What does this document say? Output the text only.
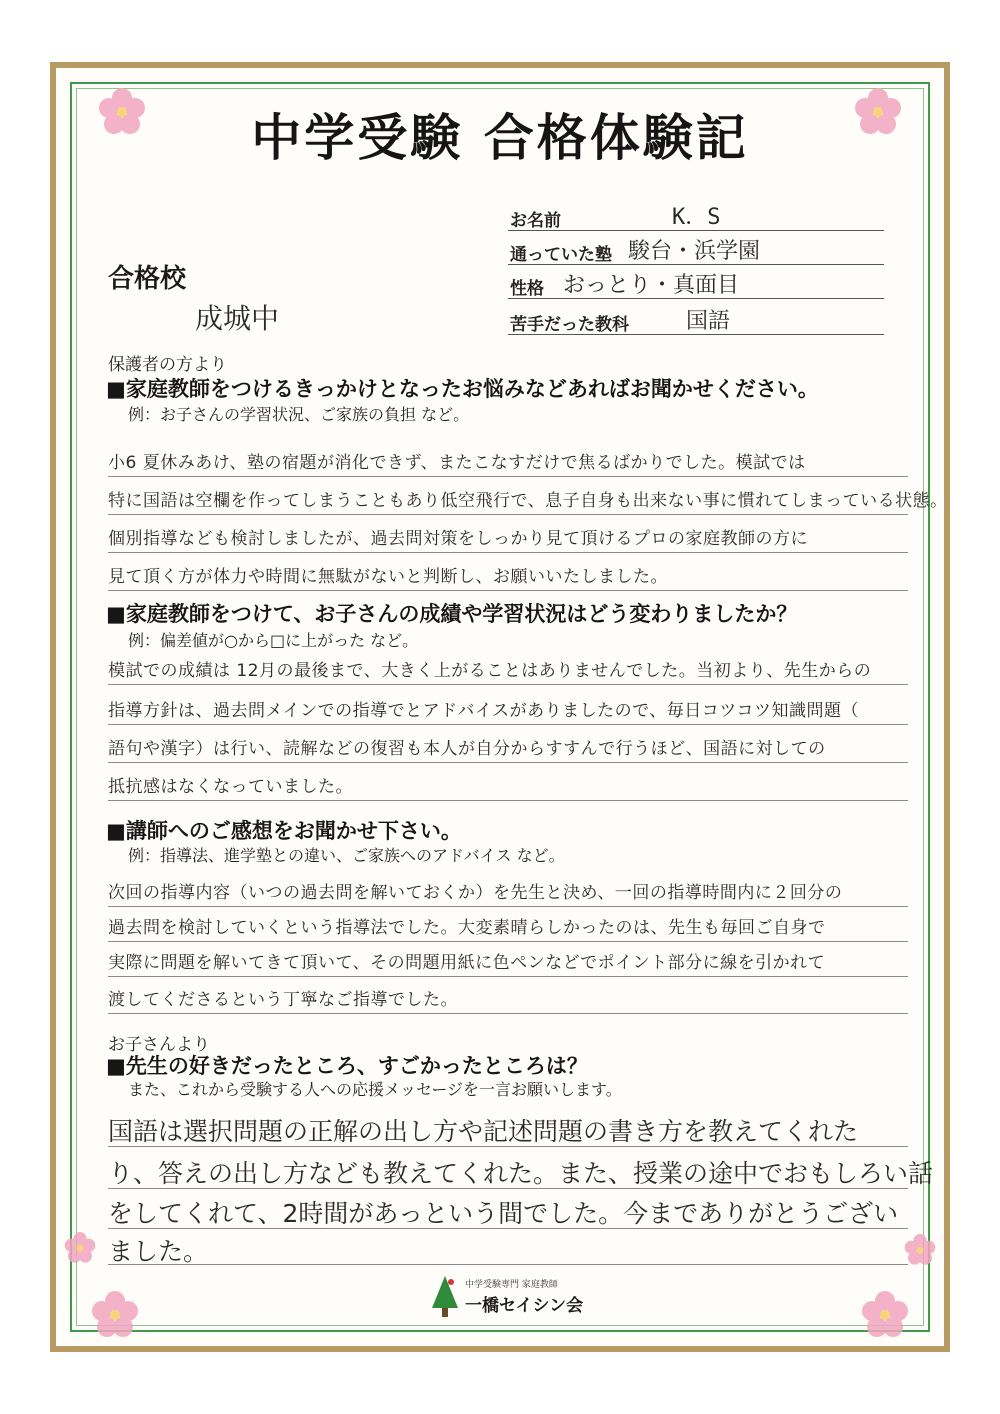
中学受験 合格体験記
お名前	K．S
通っていた塾 駿台・浜学園
性格 おっとり・真面目
苦手だった教科	国語
合格校
成城中
保護者の方より
■家庭教師をつけるきっかけとなったお悩みなどあればお聞かせください。
例：お子さんの学習状況、ご家族の負担 など。
小6 夏休みあけ、塾の宿題が消化できず、またこなすだけで焦るばかりでした。模試では
特に国語は空欄を作ってしまうこともあり低空飛行で、息子自身も出来ない事に慣れてしまっている状態。
個別指導なども検討しましたが、過去問対策をしっかり見て頂けるプロの家庭教師の方に
見て頂く方が体力や時間に無駄がないと判断し、お願いいたしました。
■家庭教師をつけて、お子さんの成績や学習状況はどう変わりましたか？
例：偏差値が○から□に上がった など。
模試での成績は 12月の最後まで、大きく上がることはありませんでした。当初より、先生からの
指導方針は、過去問メインでの指導でとアドバイスがありましたので、毎日コツコツ知識問題（
語句や漢字）は行い、読解などの復習も本人が自分からすすんで行うほど、国語に対しての
抵抗感はなくなっていました。
■講師へのご感想をお聞かせ下さい。
例：指導法、進学塾との違い、ご家族へのアドバイス など。
次回の指導内容（いつの過去問を解いておくか）を先生と決め、一回の指導時間内に２回分の
過去問を検討していくという指導法でした。大変素晴らしかったのは、先生も毎回ご自身で
実際に問題を解いてきて頂いて、その問題用紙に色ペンなどでポイント部分に線を引かれて
渡してくださるという丁寧なご指導でした。
お子さんより
■先生の好きだったところ、すごかったところは？
また、これから受験する人への応援メッセージを一言お願いします。
国語は選択問題の正解の出し方や記述問題の書き方を教えてくれた
り、答えの出し方なども教えてくれた。また、授業の途中でおもしろい話
をしてくれて、2時間があっという間でした。今までありがとうござい
ました。
中学受験専門 家庭教師
一橋セイシン会
